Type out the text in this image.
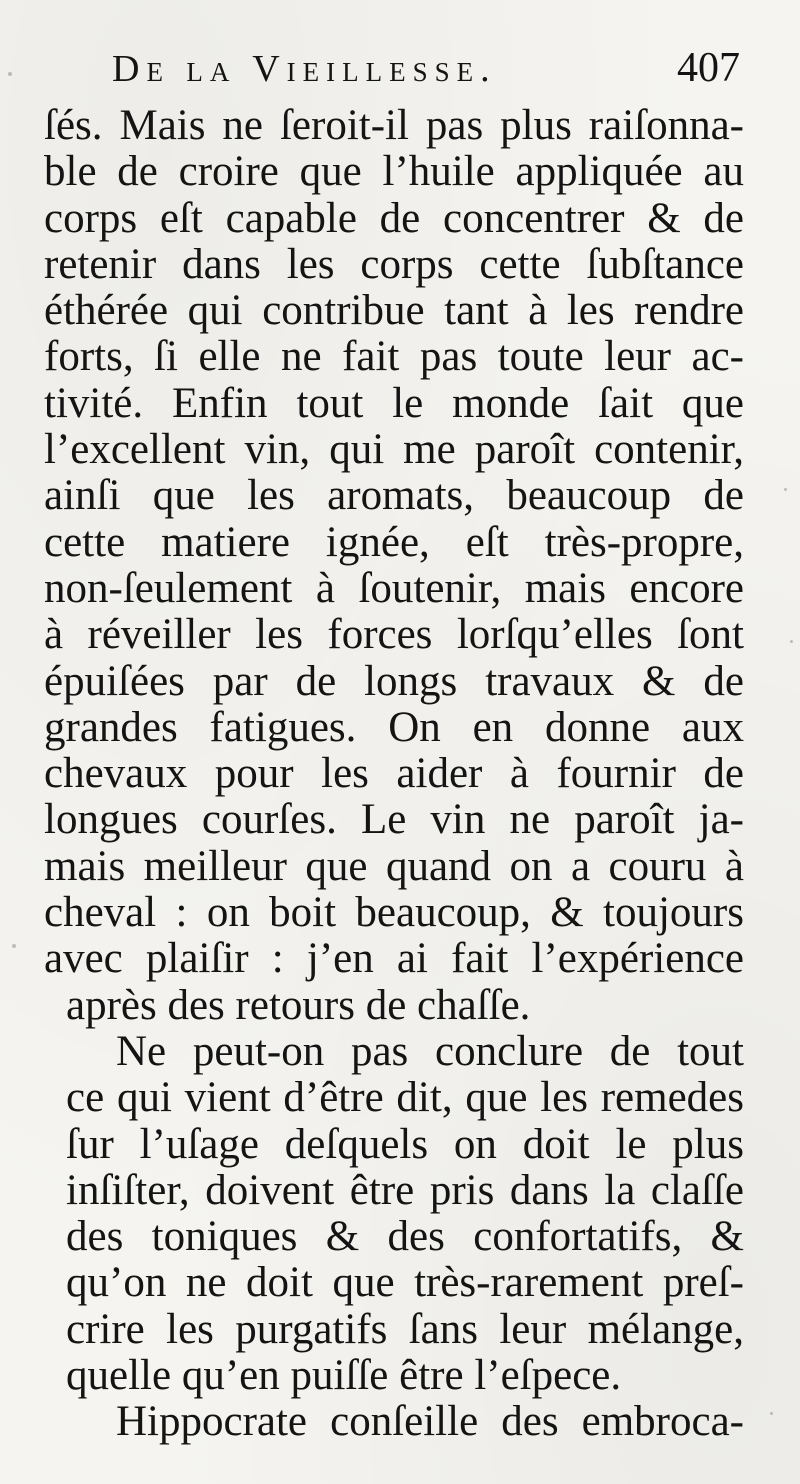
De la Vieillesse.	407
ſés. Mais ne ſeroit-il pas plus raiſonna-
ble de croire que l’huile appliquée au
corps eſt capable de concentrer & de
retenir dans les corps cette ſubſtance
éthérée qui contribue tant à les rendre
forts, ſi elle ne fait pas toute leur ac-
tivité. Enfin tout le monde ſait que
l’excellent vin, qui me paroît contenir,
ainſi que les aromats, beaucoup de
cette matiere ignée, eſt très-propre,
non-ſeulement à ſoutenir, mais encore
à réveiller les forces lorſqu’elles ſont
épuiſées par de longs travaux & de
grandes fatigues. On en donne aux
chevaux pour les aider à fournir de
longues courſes. Le vin ne paroît ja-
mais meilleur que quand on a couru à
cheval : on boit beaucoup, & toujours
avec plaiſir : j’en ai fait l’expérience
après des retours de chaſſe.
Ne peut-on pas conclure de tout
ce qui vient d’être dit, que les remedes
ſur l’uſage deſquels on doit le plus
inſiſter, doivent être pris dans la claſſe
des toniques & des confortatifs, &
qu’on ne doit que très-rarement preſ-
crire les purgatifs ſans leur mélange,
quelle qu’en puiſſe être l’eſpece.
Hippocrate conſeille des embroca-
